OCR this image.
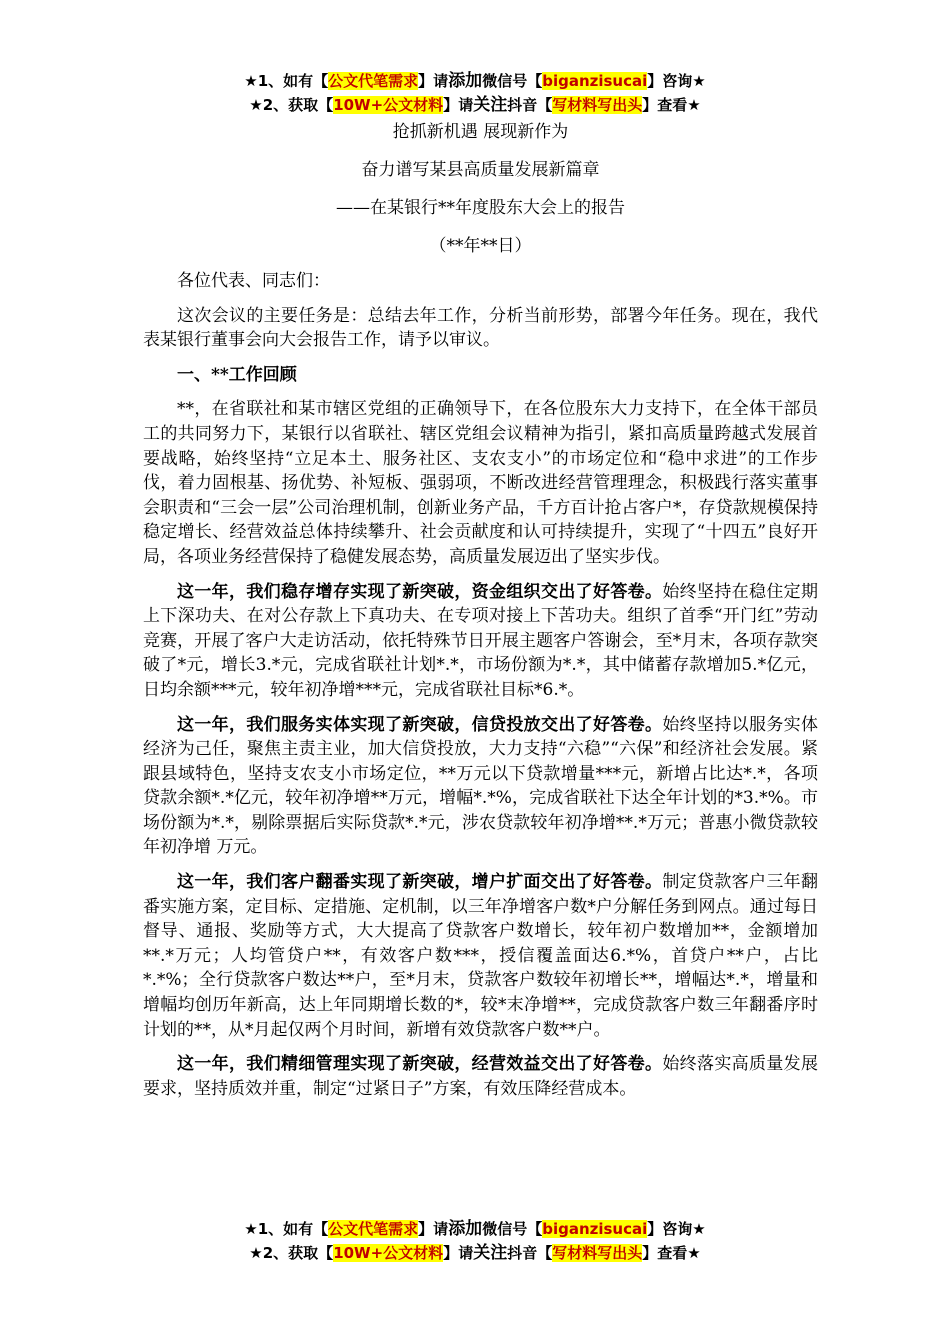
★1、如有【公文代笔需求】请添加微信号【biganzisucai】咨询★
★2、获取【10W+公文材料】请关注抖音【写材料写出头】查看★
抢抓新机遇 展现新作为
奋力谱写某县高质量发展新篇章
——在某银行**年度股东大会上的报告
（**年**日）

各位代表、同志们：

这次会议的主要任务是：总结去年工作，分析当前形势，部署今年任务。现在，我代表某银行董事会向大会报告工作，请予以审议。

一、**工作回顾

**，在省联社和某市辖区党组的正确领导下，在各位股东大力支持下，在全体干部员工的共同努力下，某银行以省联社、辖区党组会议精神为指引，紧扣高质量跨越式发展首要战略，始终坚持“立足本土、服务社区、支农支小”的市场定位和“稳中求进”的工作步伐，着力固根基、扬优势、补短板、强弱项，不断改进经营管理理念，积极践行落实董事会职责和“三会一层”公司治理机制，创新业务产品，千方百计抢占客户*，存贷款规模保持稳定增长、经营效益总体持续攀升、社会贡献度和认可持续提升，实现了“十四五”良好开局，各项业务经营保持了稳健发展态势，高质量发展迈出了坚实步伐。

这一年，我们稳存增存实现了新突破，资金组织交出了好答卷。始终坚持在稳住定期上下深功夫、在对公存款上下真功夫、在专项对接上下苦功夫。组织了首季“开门红”劳动竞赛，开展了客户大走访活动，依托特殊节日开展主题客户答谢会，至*月末，各项存款突破了*元，增长3.*元，完成省联社计划*.*，市场份额为*.*，其中储蓄存款增加5.*亿元，日均余额***元，较年初净增***元，完成省联社目标*6.*。

这一年，我们服务实体实现了新突破，信贷投放交出了好答卷。始终坚持以服务实体经济为己任，聚焦主责主业，加大信贷投放，大力支持“六稳”“六保”和经济社会发展。紧跟县域特色，坚持支农支小市场定位，**万元以下贷款增量***元，新增占比达*.*，各项贷款余额*.*亿元，较年初净增**万元，增幅*.*%，完成省联社下达全年计划的*3.*%。市场份额为*.*，剔除票据后实际贷款*.*元，涉农贷款较年初净增**.*万元；普惠小微贷款较年初净增 万元。

这一年，我们客户翻番实现了新突破，增户扩面交出了好答卷。制定贷款客户三年翻番实施方案，定目标、定措施、定机制，以三年净增客户数*户分解任务到网点。通过每日督导、通报、奖励等方式，大大提高了贷款客户数增长，较年初户数增加**，金额增加**.*万元；人均管贷户**，有效客户数***，授信覆盖面达6.*%，首贷户**户，占比*.*%；全行贷款客户数达**户，至*月末，贷款客户数较年初增长**，增幅达*.*，增量和增幅均创历年新高，达上年同期增长数的*，较*末净增**，完成贷款客户数三年翻番序时计划的**，从*月起仅两个月时间，新增有效贷款客户数**户。

这一年，我们精细管理实现了新突破，经营效益交出了好答卷。始终落实高质量发展要求，坚持质效并重，制定“过紧日子”方案，有效压降经营成本。

★1、如有【公文代笔需求】请添加微信号【biganzisucai】咨询★
★2、获取【10W+公文材料】请关注抖音【写材料写出头】查看★
